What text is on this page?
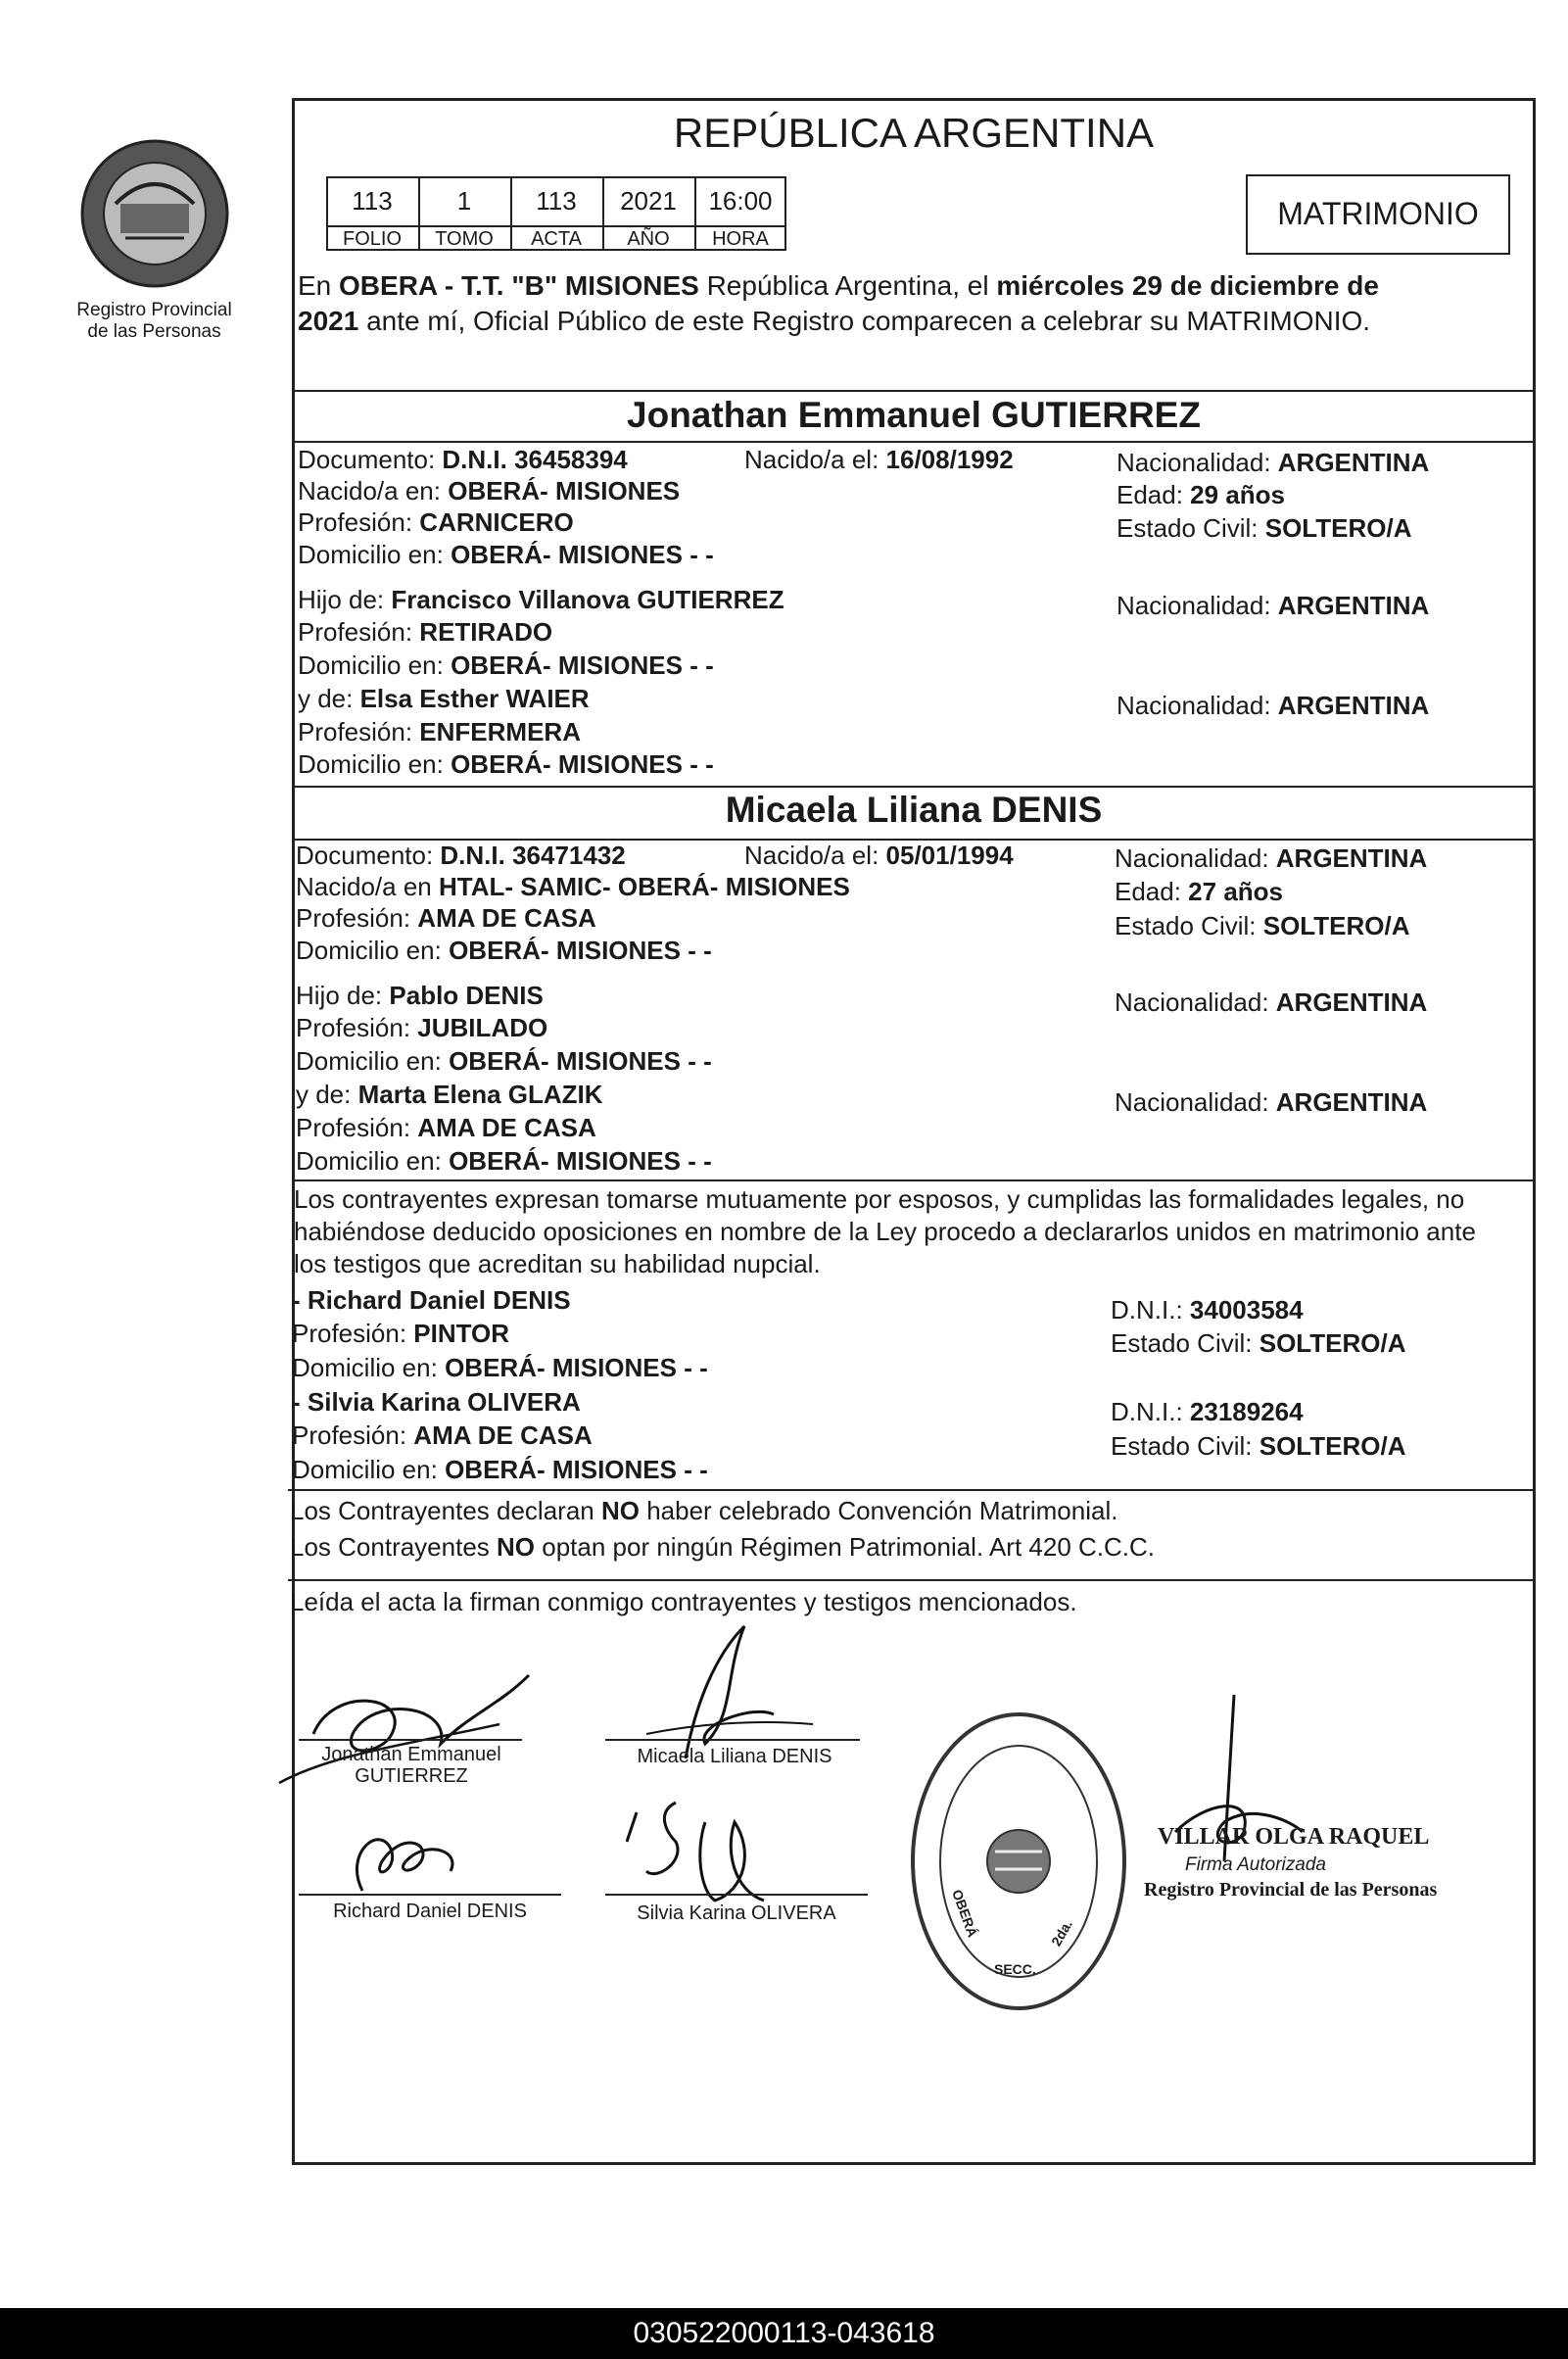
Registro Provincial
de las Personas
REPÚBLICA ARGENTINA
113	1	113	2021	16:00
FOLIO	TOMO	ACTA	AÑO	HORA
MATRIMONIO
En OBERA - T.T. "B" MISIONES República Argentina, el miércoles 29 de diciembre de
2021 ante mí, Oficial Público de este Registro comparecen a celebrar su MATRIMONIO.
Jonathan Emmanuel GUTIERREZ
Documento: D.N.I. 36458394	Nacido/a el: 16/08/1992	Nacionalidad: ARGENTINA
Nacido/a en: OBERÁ- MISIONES	Edad: 29 años
Profesión: CARNICERO	Estado Civil: SOLTERO/A
Domicilio en: OBERÁ- MISIONES - -
Hijo de: Francisco Villanova GUTIERREZ	Nacionalidad: ARGENTINA
Profesión: RETIRADO
Domicilio en: OBERÁ- MISIONES - -
y de: Elsa Esther WAIER	Nacionalidad: ARGENTINA
Profesión: ENFERMERA
Domicilio en: OBERÁ- MISIONES - -
Micaela Liliana DENIS
Documento: D.N.I. 36471432	Nacido/a el: 05/01/1994	Nacionalidad: ARGENTINA
Nacido/a en HTAL- SAMIC- OBERÁ- MISIONES	Edad: 27 años
Profesión: AMA DE CASA	Estado Civil: SOLTERO/A
Domicilio en: OBERÁ- MISIONES - -
Hijo de: Pablo DENIS	Nacionalidad: ARGENTINA
Profesión: JUBILADO
Domicilio en: OBERÁ- MISIONES - -
y de: Marta Elena GLAZIK	Nacionalidad: ARGENTINA
Profesión: AMA DE CASA
Domicilio en: OBERÁ- MISIONES - -
Los contrayentes expresan tomarse mutuamente por esposos, y cumplidas las formalidades legales, no
habiéndose deducido oposiciones en nombre de la Ley procedo a declararlos unidos en matrimonio ante
los testigos que acreditan su habilidad nupcial.
- Richard Daniel DENIS	D.N.I.: 34003584
Profesión: PINTOR	Estado Civil: SOLTERO/A
Domicilio en: OBERÁ- MISIONES - -
- Silvia Karina OLIVERA	D.N.I.: 23189264
Profesión: AMA DE CASA	Estado Civil: SOLTERO/A
Domicilio en: OBERÁ- MISIONES - -
Los Contrayentes declaran NO haber celebrado Convención Matrimonial.
Los Contrayentes NO optan por ningún Régimen Patrimonial. Art 420 C.C.C.
Leída el acta la firman conmigo contrayentes y testigos mencionados.
Jonathan Emmanuel
GUTIERREZ
Micaela Liliana DENIS
Richard Daniel DENIS	Silvia Karina OLIVERA	OBERÁ	2da.
SECC.
VILLAR OLGA RAQUEL
Firma Autorizada
Registro Provincial de las Personas
030522000113-043618
